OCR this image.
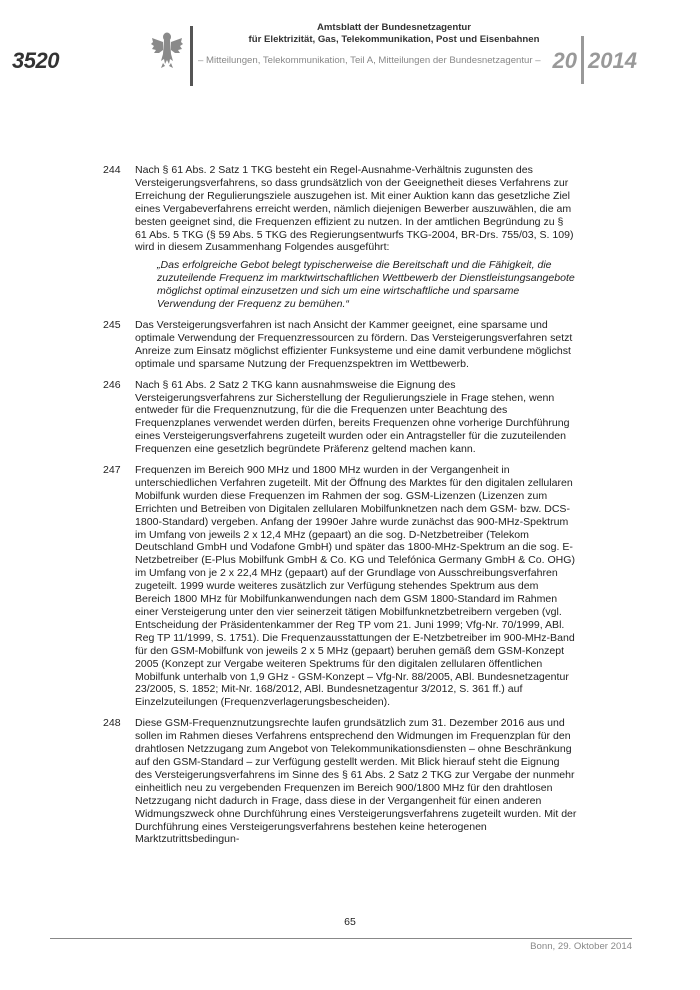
3520
Amtsblatt der Bundesnetzagentur
für Elektrizität, Gas, Telekommunikation, Post und Eisenbahnen
– Mitteilungen, Telekommunikation, Teil A, Mitteilungen der Bundesnetzagentur – 20 2014
244 Nach § 61 Abs. 2 Satz 1 TKG besteht ein Regel-Ausnahme-Verhältnis zugunsten des Versteigerungsverfahrens, so dass grundsätzlich von der Geeignetheit dieses Verfahrens zur Erreichung der Regulierungsziele auszugehen ist. Mit einer Auktion kann das gesetzliche Ziel eines Vergabeverfahrens erreicht werden, nämlich diejenigen Bewerber auszuwählen, die am besten geeignet sind, die Frequenzen effizient zu nutzen. In der amtlichen Begründung zu § 61 Abs. 5 TKG (§ 59 Abs. 5 TKG des Regierungsentwurfs TKG-2004, BR-Drs. 755/03, S. 109) wird in diesem Zusammenhang Folgendes ausgeführt:
„Das erfolgreiche Gebot belegt typischerweise die Bereitschaft und die Fähigkeit, die zuzuteilende Frequenz im marktwirtschaftlichen Wettbewerb der Dienstleistungsangebote möglichst optimal einzusetzen und sich um eine wirtschaftliche und sparsame Verwendung der Frequenz zu bemühen.“
245 Das Versteigerungsverfahren ist nach Ansicht der Kammer geeignet, eine sparsame und optimale Verwendung der Frequenzressourcen zu fördern. Das Versteigerungsverfahren setzt Anreize zum Einsatz möglichst effizienter Funksysteme und eine damit verbundene möglichst optimale und sparsame Nutzung der Frequenzspektren im Wettbewerb.
246 Nach § 61 Abs. 2 Satz 2 TKG kann ausnahmsweise die Eignung des Versteigerungsverfahrens zur Sicherstellung der Regulierungsziele in Frage stehen, wenn entweder für die Frequenznutzung, für die die Frequenzen unter Beachtung des Frequenzplanes verwendet werden dürfen, bereits Frequenzen ohne vorherige Durchführung eines Versteigerungsverfahrens zugeteilt wurden oder ein Antragsteller für die zuzuteilenden Frequenzen eine gesetzlich begründete Präferenz geltend machen kann.
247 Frequenzen im Bereich 900 MHz und 1800 MHz wurden in der Vergangenheit in unterschiedlichen Verfahren zugeteilt. Mit der Öffnung des Marktes für den digitalen zellularen Mobilfunk wurden diese Frequenzen im Rahmen der sog. GSM-Lizenzen (Lizenzen zum Errichten und Betreiben von Digitalen zellularen Mobilfunknetzen nach dem GSM- bzw. DCS-1800-Standard) vergeben. Anfang der 1990er Jahre wurde zunächst das 900-MHz-Spektrum im Umfang von jeweils 2 x 12,4 MHz (gepaart) an die sog. D-Netzbetreiber (Telekom Deutschland GmbH und Vodafone GmbH) und später das 1800-MHz-Spektrum an die sog. E-Netzbetreiber (E-Plus Mobilfunk GmbH & Co. KG und Telefónica Germany GmbH & Co. OHG) im Umfang von je 2 x 22,4 MHz (gepaart) auf der Grundlage von Ausschreibungsverfahren zugeteilt. 1999 wurde weiteres zusätzlich zur Verfügung stehendes Spektrum aus dem Bereich 1800 MHz für Mobilfunkanwendungen nach dem GSM 1800-Standard im Rahmen einer Versteigerung unter den vier seinerzeit tätigen Mobilfunknetzbetreibern vergeben (vgl. Entscheidung der Präsidentenkammer der Reg TP vom 21. Juni 1999; Vfg-Nr. 70/1999, ABl. Reg TP 11/1999, S. 1751). Die Frequenzausstattungen der E-Netzbetreiber im 900-MHz-Band für den GSM-Mobilfunk von jeweils 2 x 5 MHz (gepaart) beruhen gemäß dem GSM-Konzept 2005 (Konzept zur Vergabe weiteren Spektrums für den digitalen zellularen öffentlichen Mobilfunk unterhalb von 1,9 GHz - GSM-Konzept – Vfg-Nr. 88/2005, ABl. Bundesnetzagentur 23/2005, S. 1852; Mit-Nr. 168/2012, ABl. Bundesnetzagentur 3/2012, S. 361 ff.) auf Einzelzuteilungen (Frequenzverlagerungsbescheiden).
248 Diese GSM-Frequenznutzungsrechte laufen grundsätzlich zum 31. Dezember 2016 aus und sollen im Rahmen dieses Verfahrens entsprechend den Widmungen im Frequenzplan für den drahtlosen Netzzugang zum Angebot von Telekommunikationsdiensten – ohne Beschränkung auf den GSM-Standard – zur Verfügung gestellt werden. Mit Blick hierauf steht die Eignung des Versteigerungsverfahrens im Sinne des § 61 Abs. 2 Satz 2 TKG zur Vergabe der nunmehr einheitlich neu zu vergebenden Frequenzen im Bereich 900/1800 MHz für den drahtlosen Netzzugang nicht dadurch in Frage, dass diese in der Vergangenheit für einen anderen Widmungszweck ohne Durchführung eines Versteigerungsverfahrens zugeteilt wurden. Mit der Durchführung eines Versteigerungsverfahrens bestehen keine heterogenen Marktzutrittsbedingun-
65
Bonn, 29. Oktober 2014
